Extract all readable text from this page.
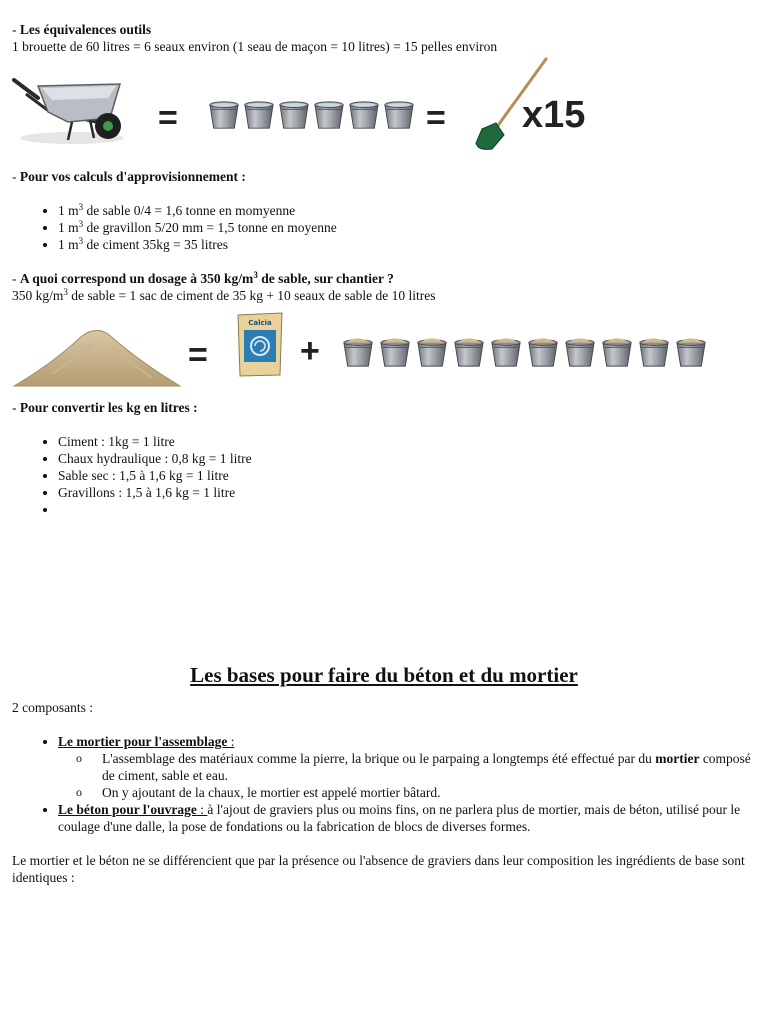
- Les équivalences outils

1 brouette de 60 litres = 6 seaux environ (1 seau de maçon = 10 litres) = 15 pelles environ

=	= x15

- Pour vos calculs d'approvisionnement :

• 1 $m^3$ de sable 0/4 = 1,6 tonne en momyenne
• 1 $m^3$ de gravillon 5/20 mm = 1,5 tonne en moyenne
• 1 $m^3$ de ciment 35kg = 35 litres

- A quoi correspond un dosage à 350 $kg/m^3$ de sable, sur chantier ?

350 $kg/m^3$ de sable = 1 sac de ciment de 35 kg + 10 seaux de sable de 10 litres

=
Calcia
+

- Pour convertir les kg en litres :

• Ciment : 1kg = 1 litre
• Chaux hydraulique : 0,8 kg = 1 litre
• Sable sec : 1,5 à 1,6 kg = 1 litre
• Gravillons : 1,5 à 1,6 kg = 1 litre
•
Les bases pour faire du béton et du mortier

2 composants :

• Le mortier pour l'assemblage :
o L'assemblage des matériaux comme la pierre, la brique ou le parpaing a longtemps été effectué par du mortier composé de ciment, sable et eau.
o On y ajoutant de la chaux, le mortier est appelé mortier bâtard.
• Le béton pour l'ouvrage : à l'ajout de graviers plus ou moins fins, on ne parlera plus de mortier, mais de béton, utilisé pour le coulage d'une dalle, la pose de fondations ou la fabrication de blocs de diverses formes.

Le mortier et le béton ne se différencient que par la présence ou l'absence de graviers dans leur composition les ingrédients de base sont identiques :
